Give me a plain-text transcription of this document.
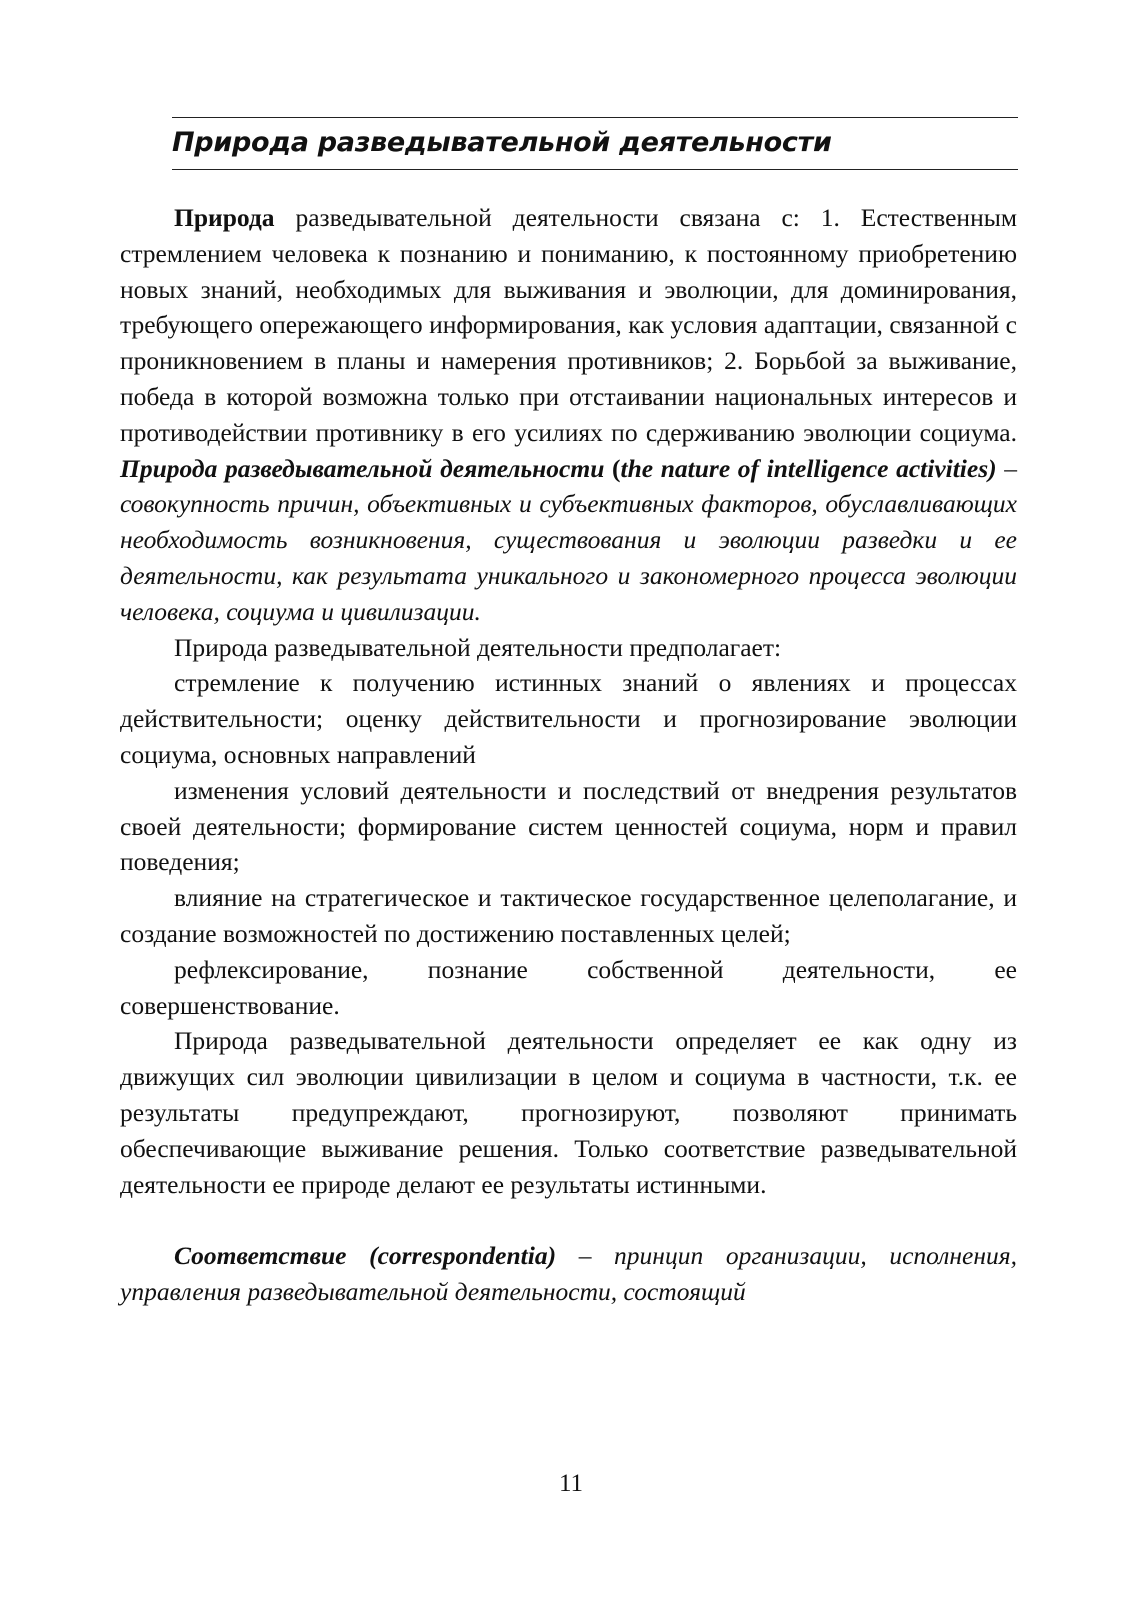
Природа разведывательной деятельности

Природа разведывательной деятельности связана с: 1. Естественным стремлением человека к познанию и пониманию, к постоянному приобретению новых знаний, необходимых для выживания и эволюции, для доминирования, требующего опережающего информирования, как условия адаптации, связанной с проникновением в планы и намерения противников; 2. Борьбой за выживание, победа в которой возможна только при отстаивании национальных интересов и противодействии противнику в его усилиях по сдерживанию эволюции социума. Природа разведывательной деятельности (the nature of intelligence activities) – совокупность причин, объективных и субъективных факторов, обуславливающих необходимость возникновения, существования и эволюции разведки и ее деятельности, как результата уникального и закономерного процесса эволюции человека, социума и цивилизации.

Природа разведывательной деятельности предполагает:

стремление к получению истинных знаний о явлениях и процессах действительности; оценку действительности и прогнозирование эволюции социума, основных направлений

изменения условий деятельности и последствий от внедрения результатов своей деятельности; формирование систем ценностей социума, норм и правил поведения;

влияние на стратегическое и тактическое государственное целеполагание, и создание возможностей по достижению поставленных целей;

рефлексирование, познание собственной деятельности, ее совершенствование.

Природа разведывательной деятельности определяет ее как одну из движущих сил эволюции цивилизации в целом и социума в частности, т.к. ее результаты предупреждают, прогнозируют, позволяют принимать обеспечивающие выживание решения. Только соответствие разведывательной деятельности ее природе делают ее результаты истинными.

Соответствие (correspondentia) – принцип организации, исполнения, управления разведывательной деятельности, состоящий

11
